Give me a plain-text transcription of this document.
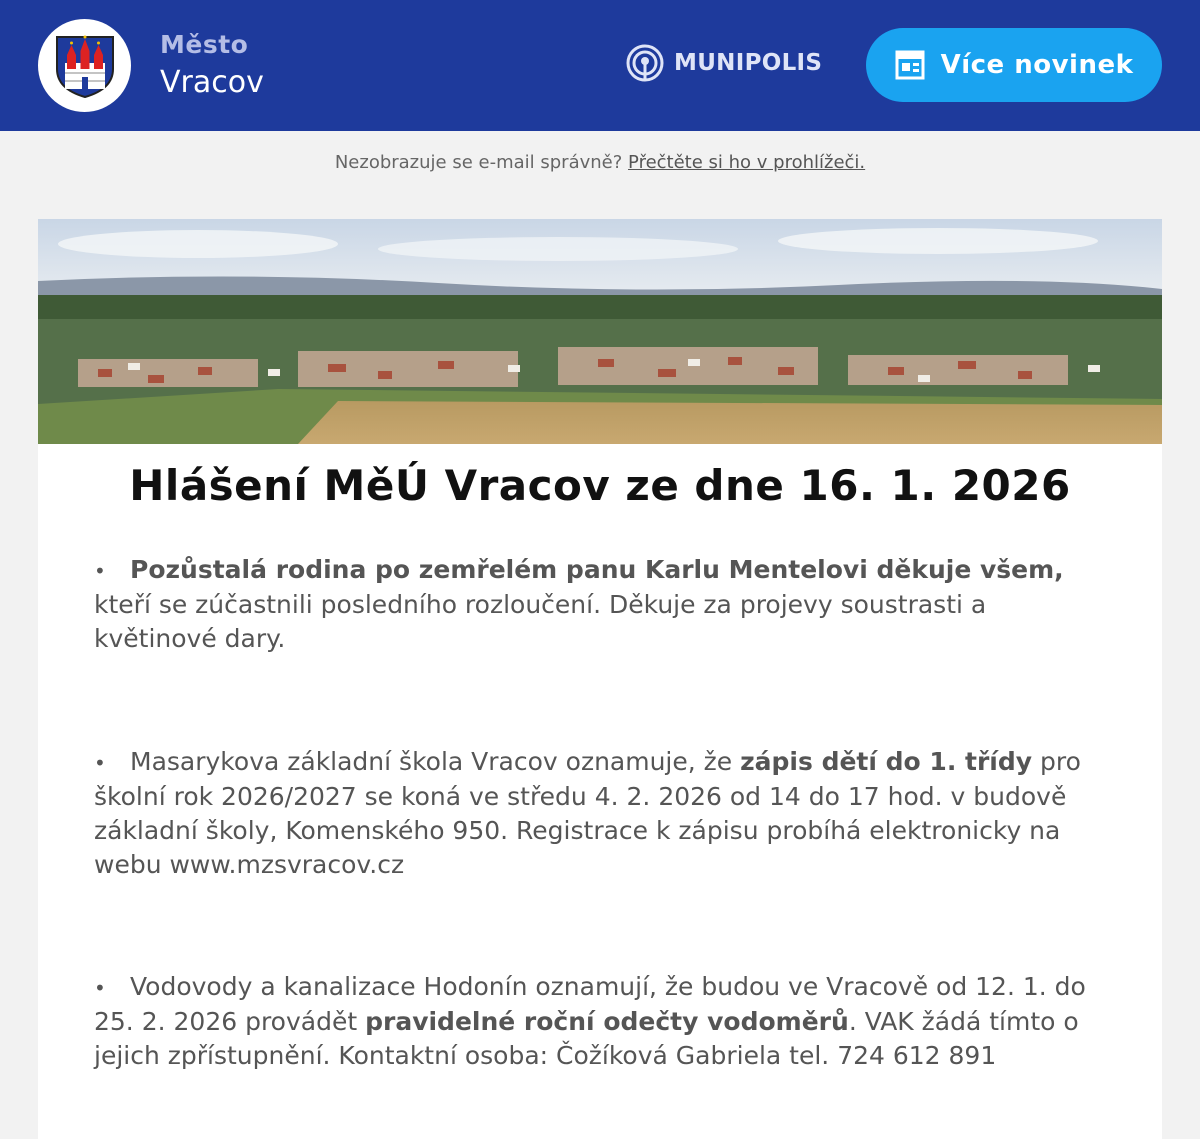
Město
Vracov
MUNIPOLIS	Více novinek
Nezobrazuje se e-mail správně? Přečtěte si ho v prohlížeči.
Hlášení MěÚ Vracov ze dne 16. 1. 2026
• Pozůstalá rodina po zemřelém panu Karlu Mentelovi děkuje všem, kteří se zúčastnili posledního rozloučení. Děkuje za projevy soustrasti a květinové dary.
• Masarykova základní škola Vracov oznamuje, že zápis dětí do 1. třídy pro školní rok 2026/2027 se koná ve středu 4. 2. 2026 od 14 do 17 hod. v budově základní školy, Komenského 950. Registrace k zápisu probíhá elektronicky na webu www.mzsvracov.cz
• Vodovody a kanalizace Hodonín oznamují, že budou ve Vracově od 12. 1. do 25. 2. 2026 provádět pravidelné roční odečty vodoměrů. VAK žádá tímto o jejich zpřístupnění. Kontaktní osoba: Čožíková Gabriela tel. 724 612 891
